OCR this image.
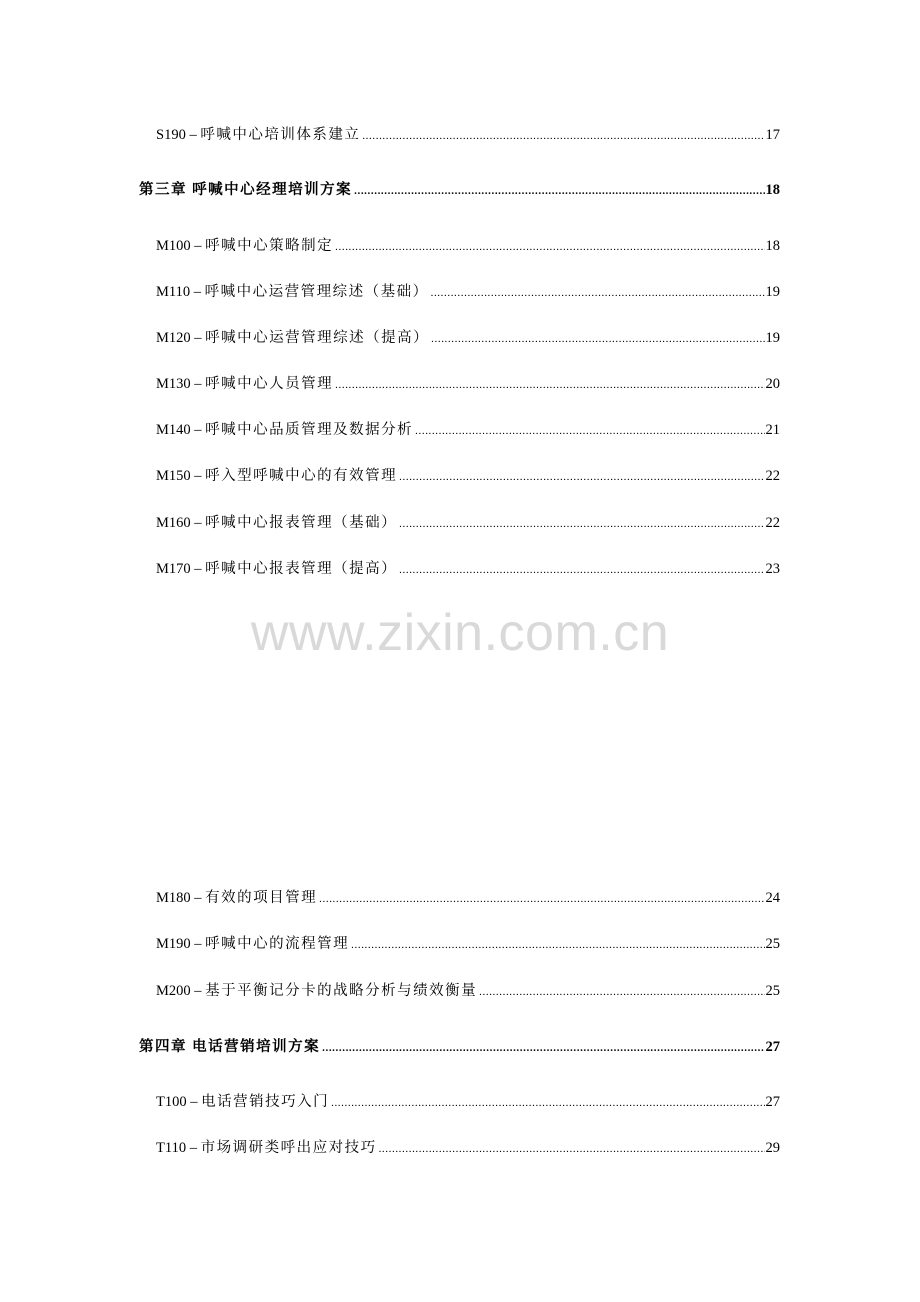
S190 – 呼喊中心培训体系建立 .....	17
第三章 呼喊中心经理培训方案 .....	18
M100 – 呼喊中心策略制定 .....	18
M110 – 呼喊中心运营管理综述（基础） .....	19
M120 – 呼喊中心运营管理综述（提高） .....	19
M130 – 呼喊中心人员管理 .....	20
M140 – 呼喊中心品质管理及数据分析 .....	21
M150 – 呼入型呼喊中心的有效管理 .....	22
M160 – 呼喊中心报表管理（基础） .....	22
M170 – 呼喊中心报表管理（提高） .....	23
www.zixin.com.cn
M180 – 有效的项目管理 .....	24
M190 – 呼喊中心的流程管理 .....	25
M200 – 基于平衡记分卡的战略分析与绩效衡量 .....	25
第四章 电话营销培训方案 .....	27
T100 – 电话营销技巧入门 .....	27
T110 – 市场调研类呼出应对技巧 .....	29
